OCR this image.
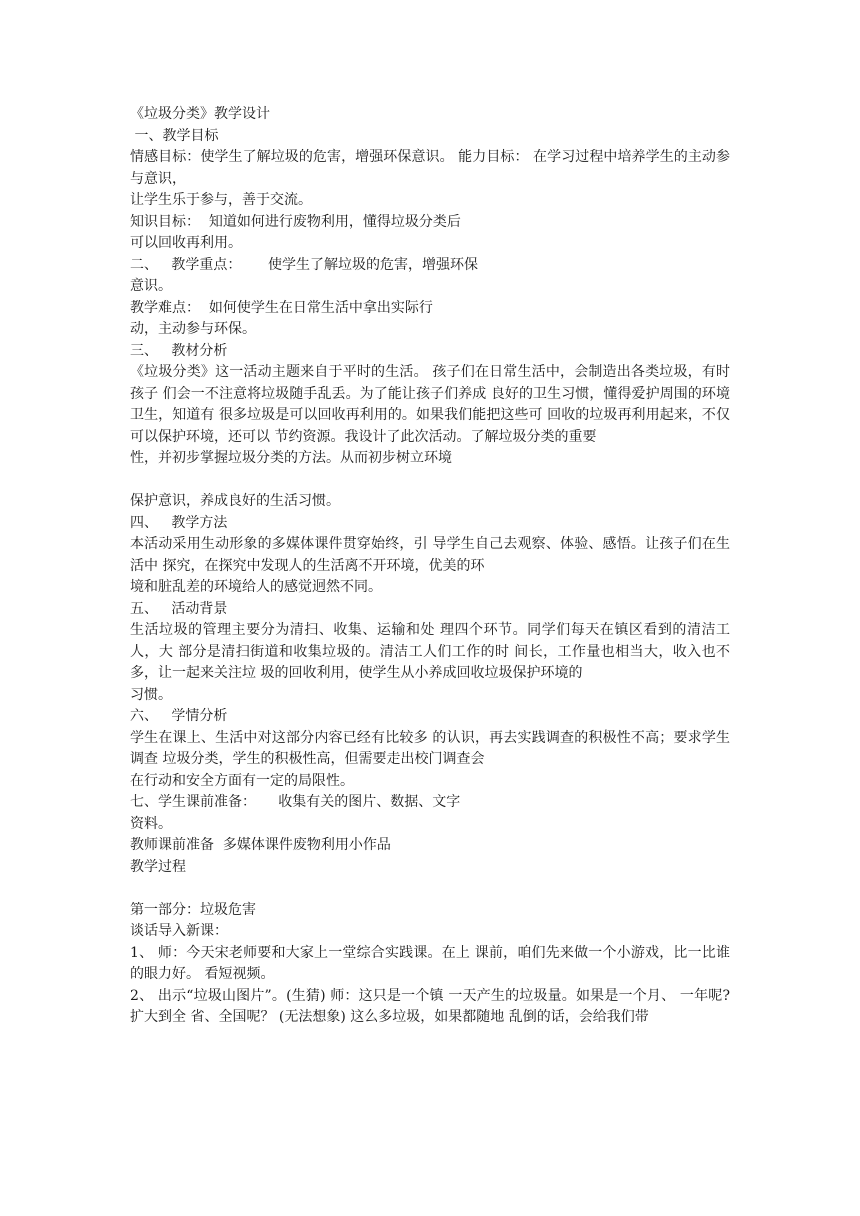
《垃圾分类》教学设计
一、教学目标
情感目标：使学生了解垃圾的危害，增强环保意识。 能力目标： 在学习过程中培养学生的主动参与意识，
让学生乐于参与，善于交流。
知识目标：  知道如何进行废物利用，懂得垃圾分类后
可以回收再利用。
二、   教学重点：      使学生了解垃圾的危害，增强环保
意识。
教学难点：  如何使学生在日常生活中拿出实际行
动，主动参与环保。
三、   教材分析
《垃圾分类》这一活动主题来自于平时的生活。 孩子们在日常生活中，会制造出各类垃圾，有时孩子 们会一不注意将垃圾随手乱丢。为了能让孩子们养成 良好的卫生习惯，懂得爱护周围的环境卫生，知道有 很多垃圾是可以回收再利用的。如果我们能把这些可 回收的垃圾再利用起来，不仅可以保护环境，还可以 节约资源。我设计了此次活动。了解垃圾分类的重要
性，并初步掌握垃圾分类的方法。从而初步树立环境
保护意识，养成良好的生活习惯。
四、   教学方法
本活动采用生动形象的多媒体课件贯穿始终，引 导学生自己去观察、体验、感悟。让孩子们在生活中 探究，在探究中发现人的生活离不开环境，优美的环
境和脏乱差的环境给人的感觉迥然不同。
五、   活动背景
生活垃圾的管理主要分为清扫、收集、运输和处 理四个环节。同学们每天在镇区看到的清洁工人，大 部分是清扫街道和收集垃圾的。清洁工人们工作的时 间长，工作量也相当大，收入也不多，让一起来关注垃 圾的回收利用，使学生从小养成回收垃圾保护环境的
习惯。
六、   学情分析
学生在课上、生活中对这部分内容已经有比较多 的认识，再去实践调查的积极性不高；要求学生调查 垃圾分类，学生的积极性高，但需要走出校门调查会
在行动和安全方面有一定的局限性。
七、学生课前准备：     收集有关的图片、数据、文字
资料。
教师课前准备  多媒体课件废物利用小作品
教学过程
第一部分：垃圾危害
谈话导入新课：
1、 师：今天宋老师要和大家上一堂综合实践课。在上 课前，咱们先来做一个小游戏，比一比谁的眼力好。 看短视频。
2、 出示“垃圾山图片”。(生猜) 师：这只是一个镇 一天产生的垃圾量。如果是一个月、 一年呢?扩大到全 省、全国呢？ (无法想象) 这么多垃圾，如果都随地 乱倒的话，会给我们带
